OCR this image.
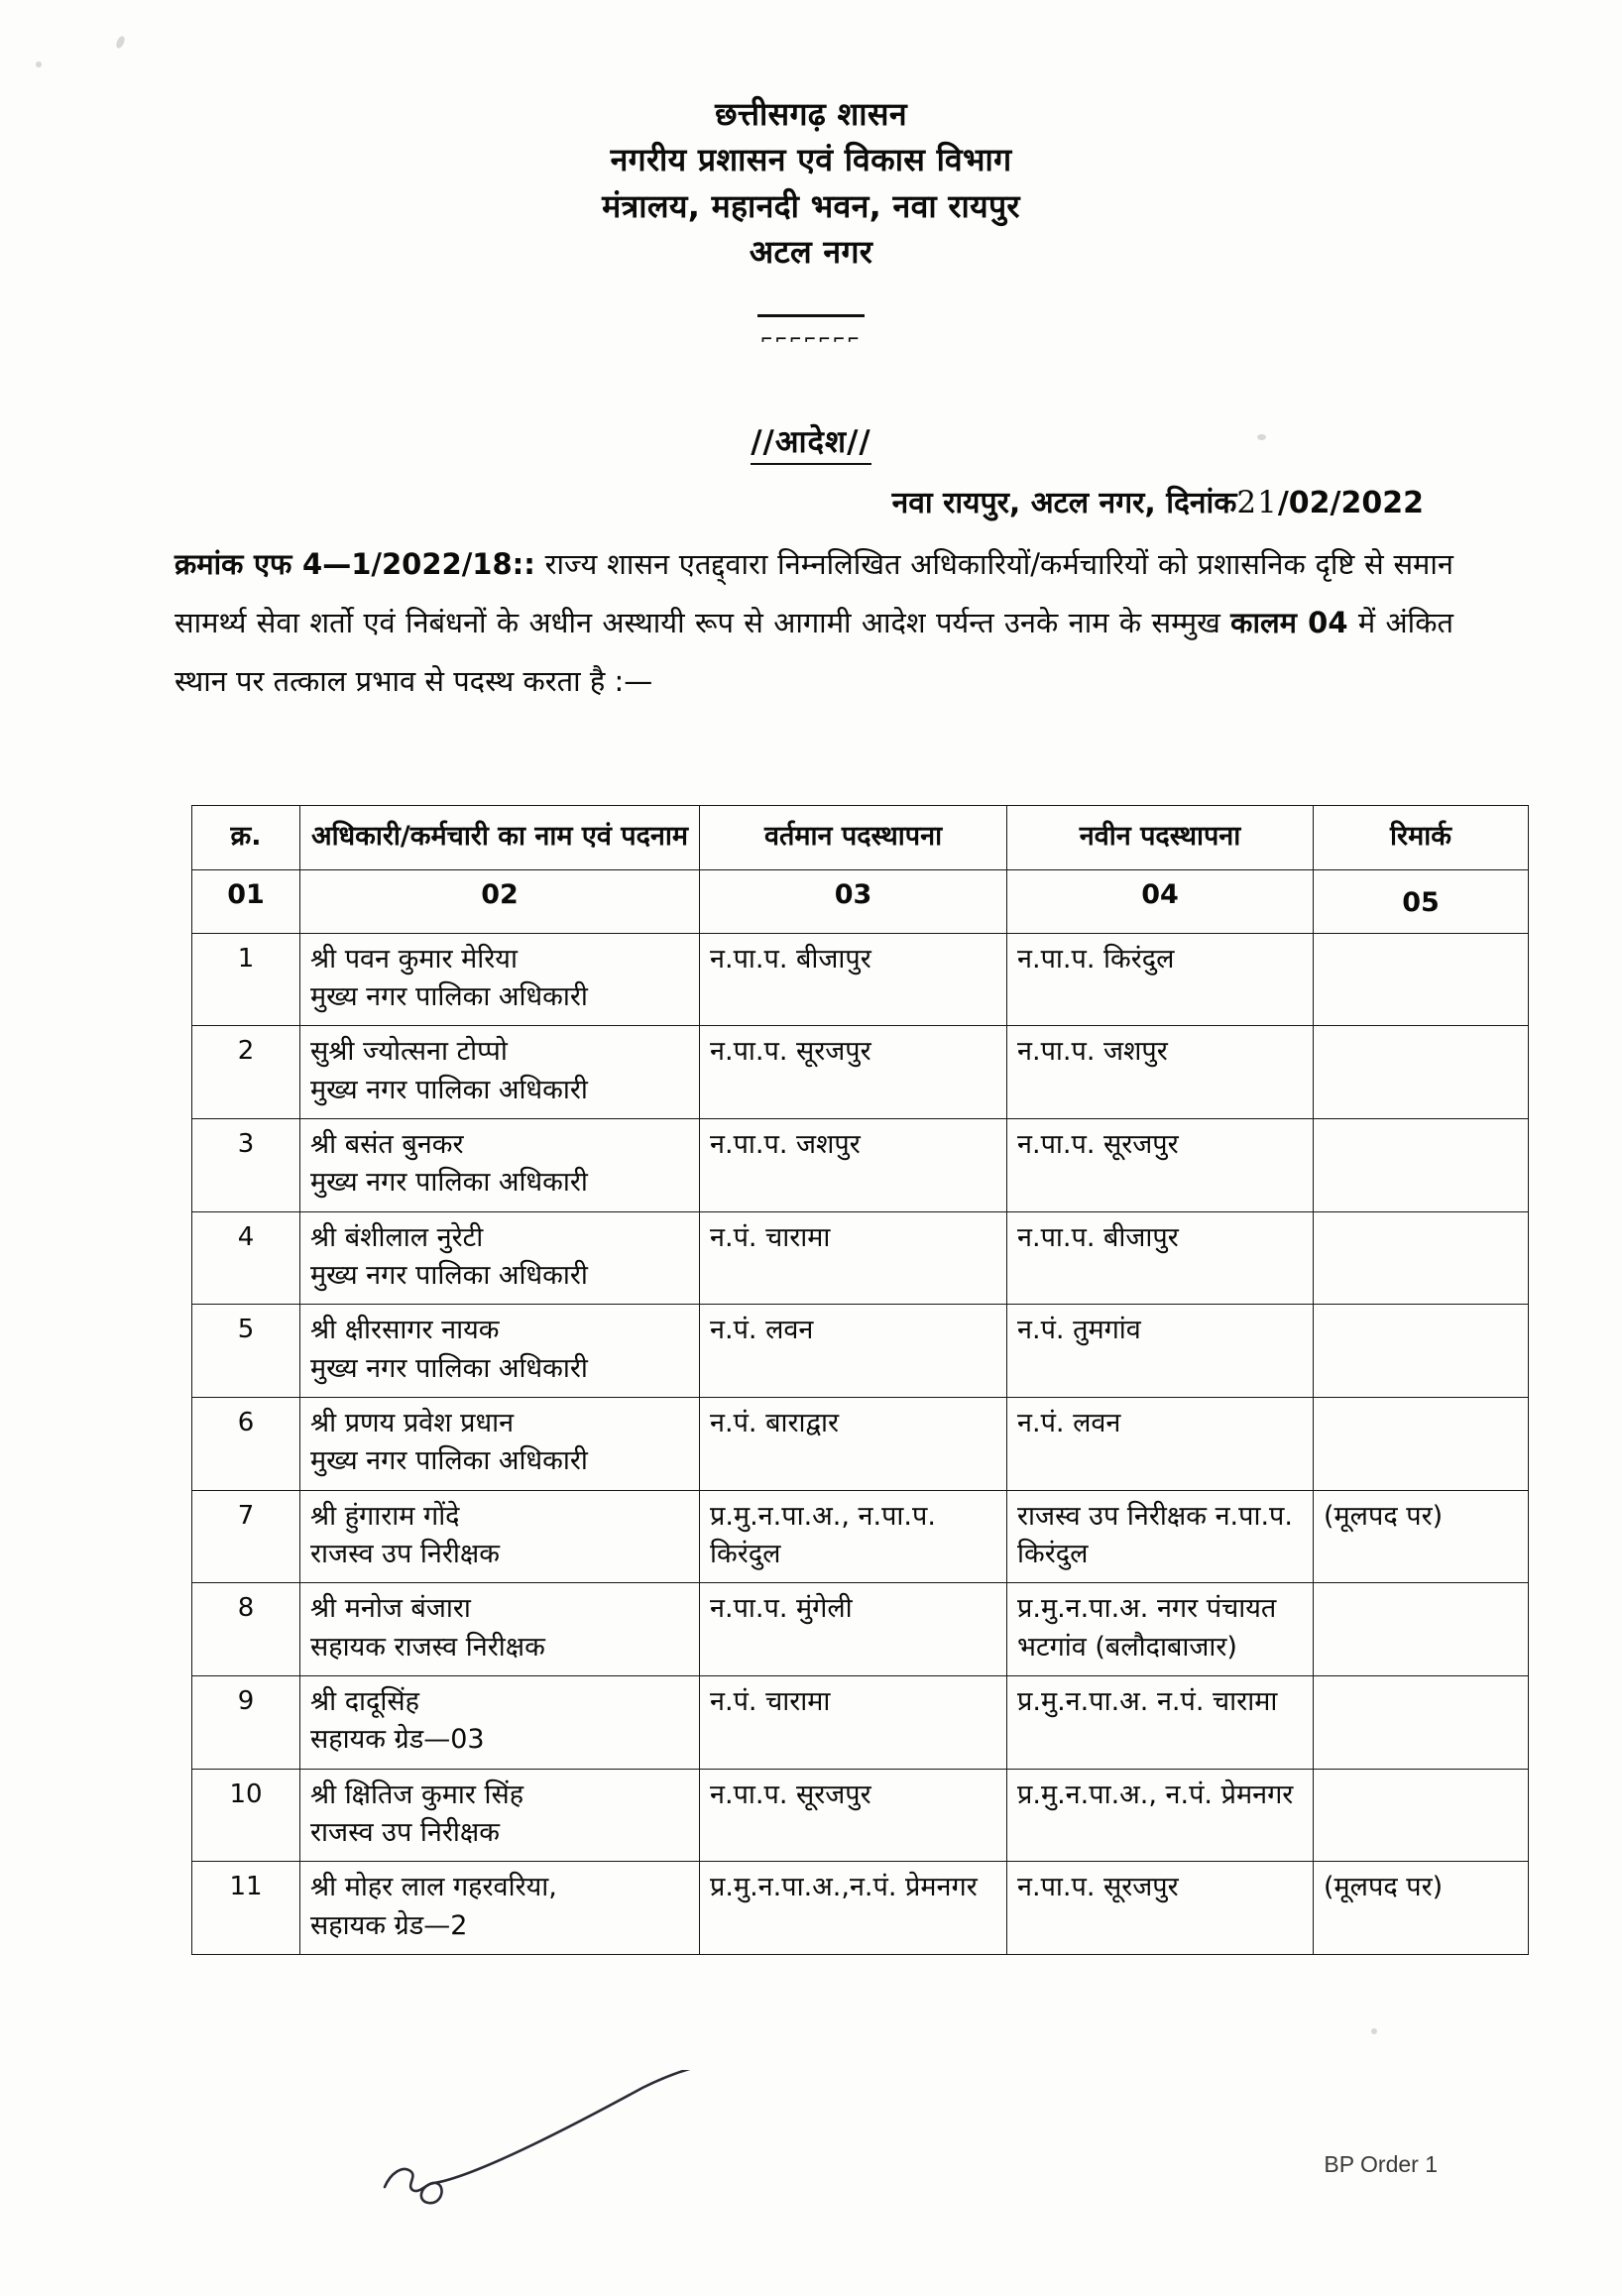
छत्तीसगढ़ शासन
नगरीय प्रशासन एवं विकास विभाग
मंत्रालय, महानदी भवन, नवा रायपुर
अटल नगर
⌐⌐⌐⌐⌐⌐⌐
//आदेश//
नवा रायपुर, अटल नगर, दिनांक21/02/2022
क्रमांक एफ 4—1/2022/18:: राज्य शासन एतद्द्वारा निम्नलिखित अधिकारियों/कर्मचारियों को प्रशासनिक दृष्टि से समान सामर्थ्य सेवा शर्तो एवं निबंधनों के अधीन अस्थायी रूप से आगामी आदेश पर्यन्त उनके नाम के सम्मुख कालम 04 में अंकित स्थान पर तत्काल प्रभाव से पदस्थ करता है :—
क्र.	अधिकारी/कर्मचारी का नाम एवं पदनाम	वर्तमान पदस्थापना	नवीन पदस्थापना	रिमार्क
01	02	03	04	05
1	श्री पवन कुमार मेरिया
मुख्य नगर पालिका अधिकारी	न.पा.प. बीजापुर	न.पा.प. किरंदुल	
2	सुश्री ज्योत्सना टोप्पो
मुख्य नगर पालिका अधिकारी	न.पा.प. सूरजपुर	न.पा.प. जशपुर	
3	श्री बसंत बुनकर
मुख्य नगर पालिका अधिकारी	न.पा.प. जशपुर	न.पा.प. सूरजपुर	
4	श्री बंशीलाल नुरेटी
मुख्य नगर पालिका अधिकारी	न.पं. चारामा	न.पा.प. बीजापुर	
5	श्री क्षीरसागर नायक
मुख्य नगर पालिका अधिकारी	न.पं. लवन	न.पं. तुमगांव	
6	श्री प्रणय प्रवेश प्रधान
मुख्य नगर पालिका अधिकारी	न.पं. बाराद्वार	न.पं. लवन	
7	श्री हुंगाराम गोंदे
राजस्व उप निरीक्षक	प्र.मु.न.पा.अ., न.पा.प. किरंदुल	राजस्व उप निरीक्षक न.पा.प. किरंदुल	(मूलपद पर)
8	श्री मनोज बंजारा
सहायक राजस्व निरीक्षक	न.पा.प. मुंगेली	प्र.मु.न.पा.अ. नगर पंचायत भटगांव (बलौदाबाजार)	
9	श्री दादूसिंह
सहायक ग्रेड—03	न.पं. चारामा	प्र.मु.न.पा.अ. न.पं. चारामा	
10	श्री क्षितिज कुमार सिंह
राजस्व उप निरीक्षक	न.पा.प. सूरजपुर	प्र.मु.न.पा.अ., न.पं. प्रेमनगर	
11	श्री मोहर लाल गहरवरिया,
सहायक ग्रेड—2	प्र.मु.न.पा.अ.,न.पं. प्रेमनगर	न.पा.प. सूरजपुर	(मूलपद पर)
BP Order 1
